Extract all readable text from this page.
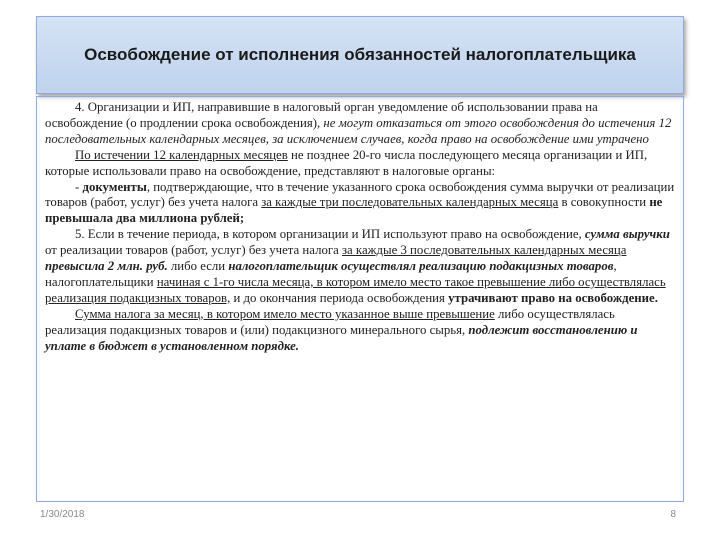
Освобождение от исполнения обязанностей налогоплательщика

4. Организации и ИП, направившие в налоговый орган уведомление об использовании права на освобождение (о продлении срока освобождения), не могут отказаться от этого освобождения до истечения 12 последовательных календарных месяцев, за исключением случаев, когда право на освобождение ими утрачено

По истечении 12 календарных месяцев не позднее 20-го числа последующего месяца организации и ИП, которые использовали право на освобождение, представляют в налоговые органы:

- документы, подтверждающие, что в течение указанного срока освобождения сумма выручки от реализации товаров (работ, услуг) без учета налога за каждые три последовательных календарных месяца в совокупности не превышала два миллиона рублей;

5. Если в течение периода, в котором организации и ИП используют право на освобождение, сумма выручки от реализации товаров (работ, услуг) без учета налога за каждые 3 последовательных календарных месяца превысила 2 млн. руб. либо если налогоплательщик осуществлял реализацию подакцизных товаров, налогоплательщики начиная с 1-го числа месяца, в котором имело место такое превышение либо осуществлялась реализация подакцизных товаров, и до окончания периода освобождения утрачивают право на освобождение.

Сумма налога за месяц, в котором имело место указанное выше превышение либо осуществлялась реализация подакцизных товаров и (или) подакцизного минерального сырья, подлежит восстановлению и уплате в бюджет в установленном порядке.

1/30/2018	8
